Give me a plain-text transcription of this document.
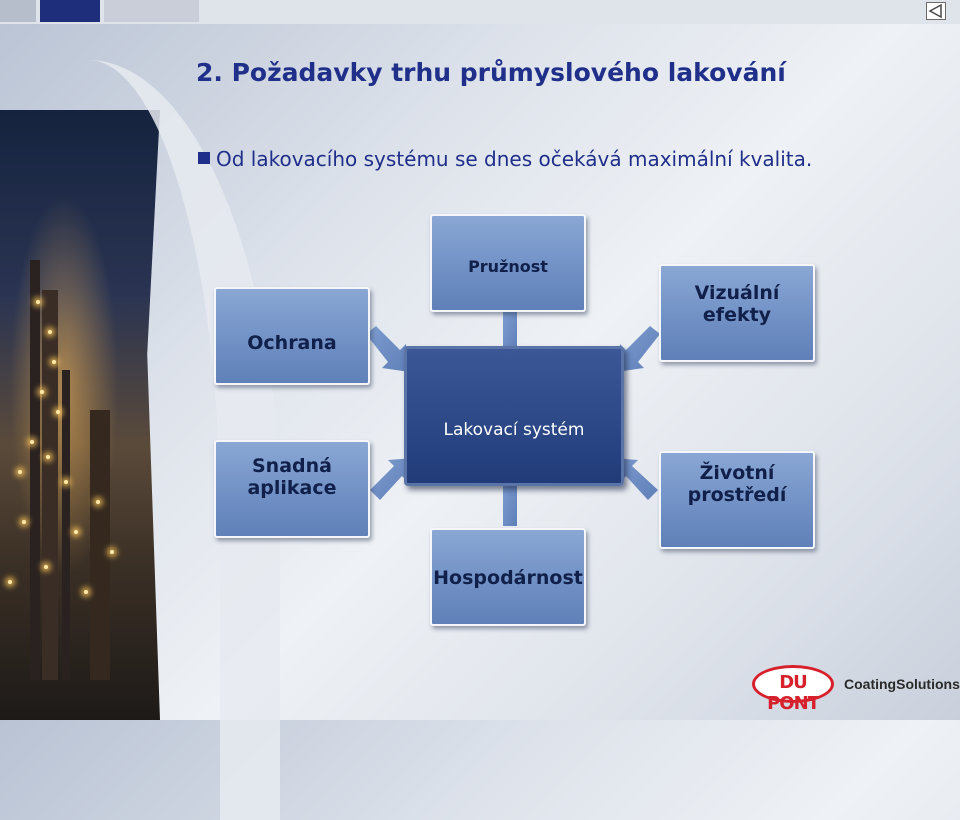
2. Požadavky trhu průmyslového lakování
Od lakovacího systému se dnes očekává maximální kvalita.
Pružnost
Ochrana
Vizuální
efekty
Lakovací systém
Snadná
aplikace
Životní
prostředí
Hospodárnost
DU PONT
CoatingSolutions
